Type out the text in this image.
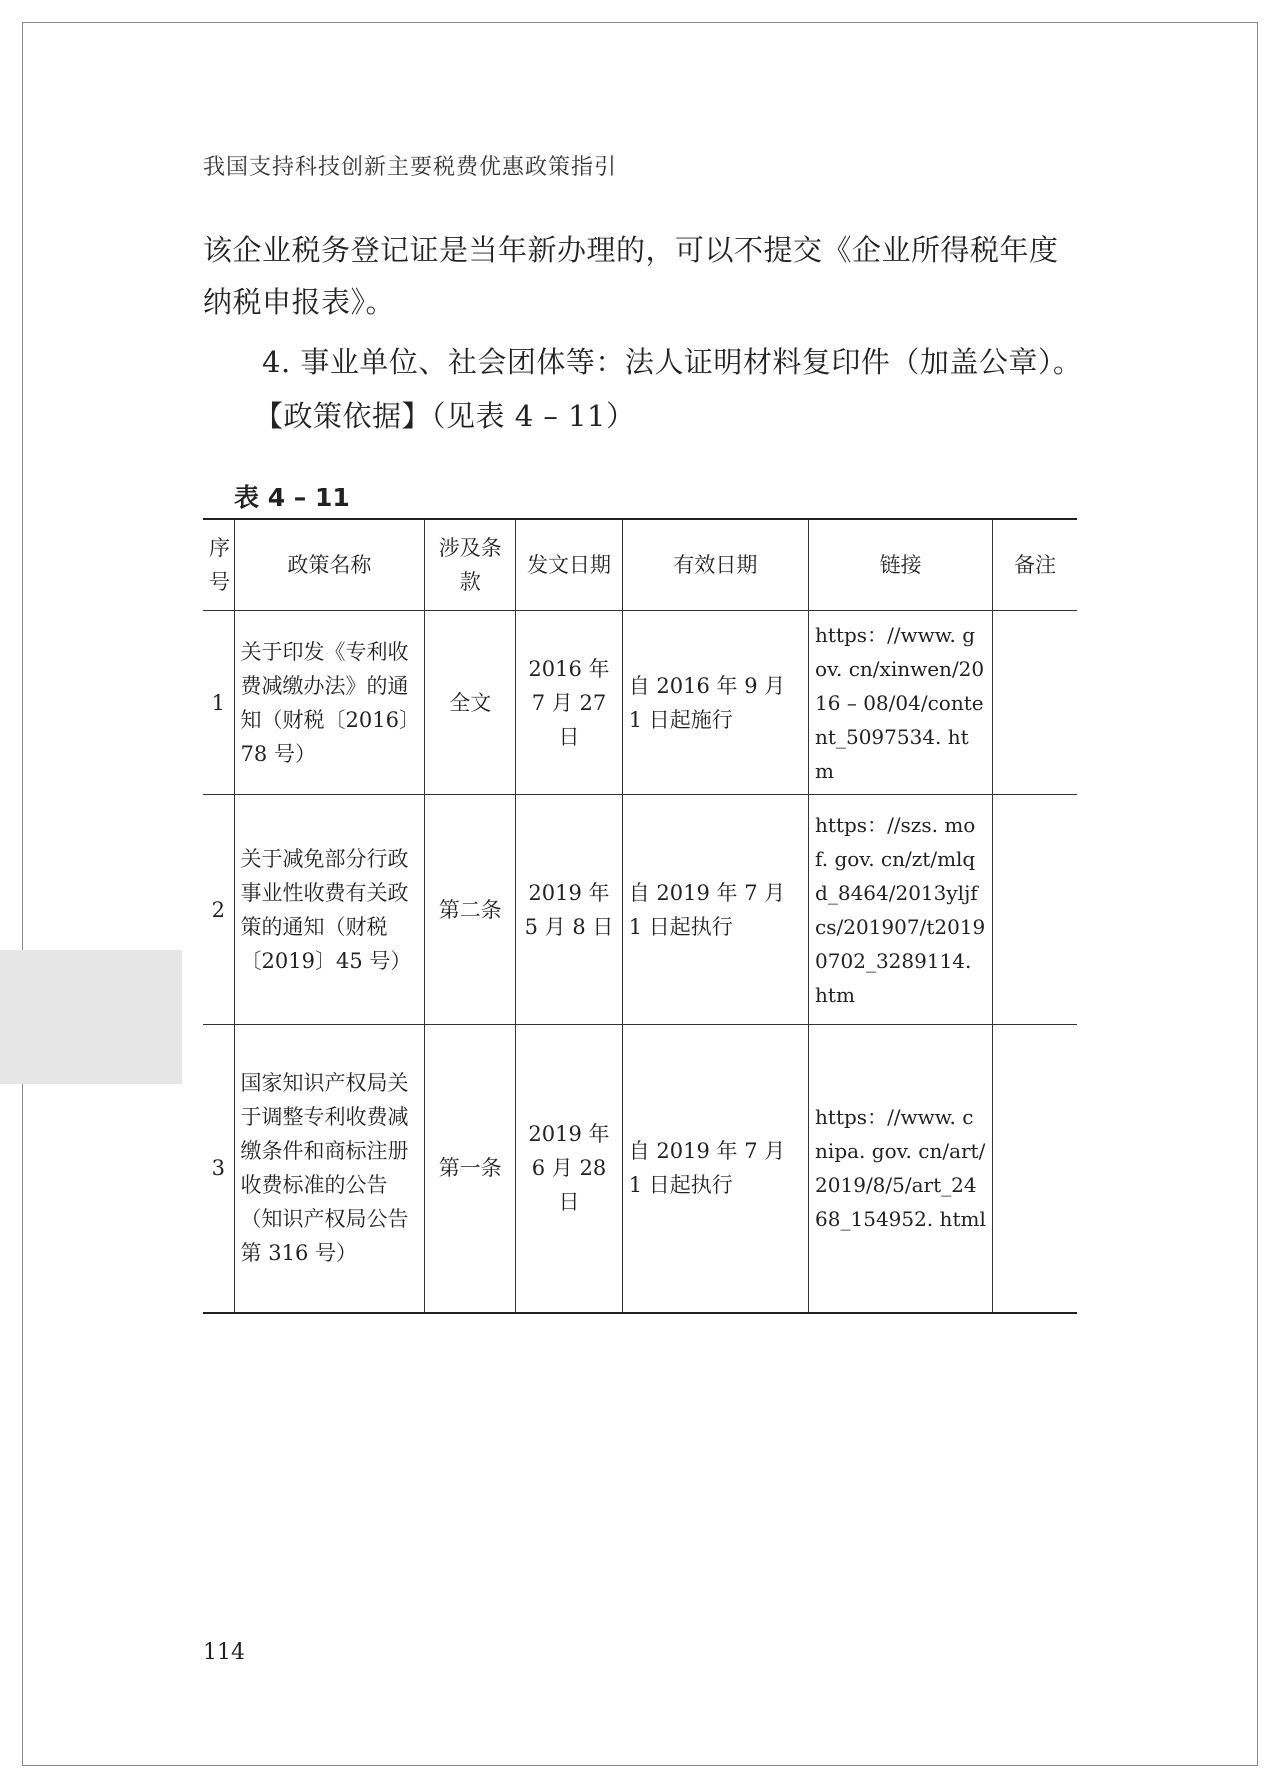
我国支持科技创新主要税费优惠政策指引
该企业税务登记证是当年新办理的，可以不提交《企业所得税年度纳税申报表》。
4. 事业单位、社会团体等：法人证明材料复印件（加盖公章）。
【政策依据】（见表 4 – 11）
表 4 – 11
序号	政策名称	涉及条款	发文日期	有效日期	链接	备注
1	关于印发《专利收费减缴办法》的通知（财税〔2016〕78 号）	全文	2016 年 7 月 27 日	自 2016 年 9 月 1 日起施行	https：//www. gov. cn/xinwen/2016 – 08/04/content_5097534. htm	
2	关于减免部分行政事业性收费有关政策的通知（财税〔2019〕45 号）	第二条	2019 年 5 月 8 日	自 2019 年 7 月 1 日起执行	https：//szs. mof. gov. cn/zt/mlqd_8464/2013yljfcs/201907/t20190702_3289114. htm	
3	国家知识产权局关于调整专利收费减缴条件和商标注册收费标准的公告（知识产权局公告第 316 号）	第一条	2019 年 6 月 28 日	自 2019 年 7 月 1 日起执行	https：//www. cnipa. gov. cn/art/2019/8/5/art_2468_154952. html	
114
